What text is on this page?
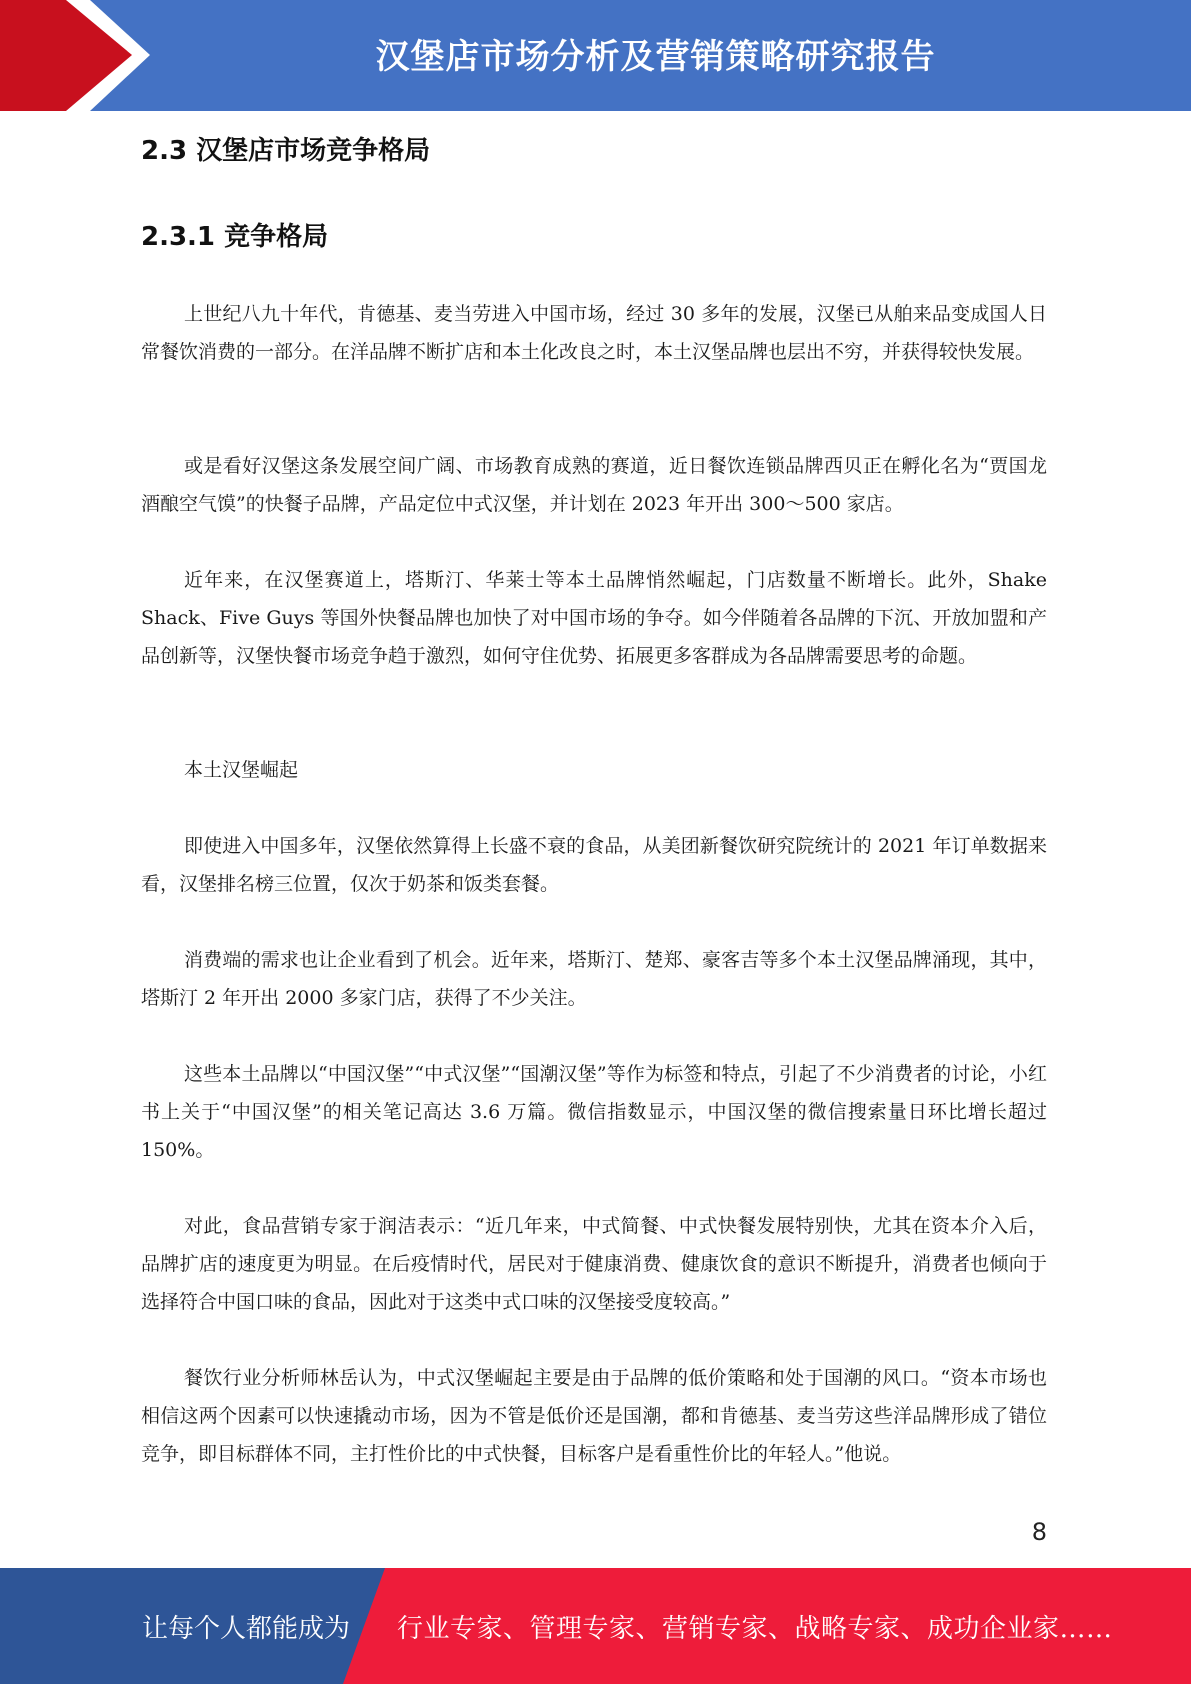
汉堡店市场分析及营销策略研究报告
2.3 汉堡店市场竞争格局
2.3.1 竞争格局

上世纪八九十年代，肯德基、麦当劳进入中国市场，经过 30 多年的发展，汉堡已从舶来品变成国人日常餐饮消费的一部分。在洋品牌不断扩店和本土化改良之时，本土汉堡品牌也层出不穷，并获得较快发展。

或是看好汉堡这条发展空间广阔、市场教育成熟的赛道，近日餐饮连锁品牌西贝正在孵化名为“贾国龙酒酿空气馍”的快餐子品牌，产品定位中式汉堡，并计划在 2023 年开出 300～500 家店。

近年来，在汉堡赛道上，塔斯汀、华莱士等本土品牌悄然崛起，门店数量不断增长。此外，Shake Shack、Five Guys 等国外快餐品牌也加快了对中国市场的争夺。如今伴随着各品牌的下沉、开放加盟和产品创新等，汉堡快餐市场竞争趋于激烈，如何守住优势、拓展更多客群成为各品牌需要思考的命题。

本土汉堡崛起

即使进入中国多年，汉堡依然算得上长盛不衰的食品，从美团新餐饮研究院统计的 2021 年订单数据来看，汉堡排名榜三位置，仅次于奶茶和饭类套餐。

消费端的需求也让企业看到了机会。近年来，塔斯汀、楚郑、豪客吉等多个本土汉堡品牌涌现，其中，塔斯汀 2 年开出 2000 多家门店，获得了不少关注。

这些本土品牌以“中国汉堡”“中式汉堡”“国潮汉堡”等作为标签和特点，引起了不少消费者的讨论，小红书上关于“中国汉堡”的相关笔记高达 3.6 万篇。微信指数显示，中国汉堡的微信搜索量日环比增长超过 150%。

对此，食品营销专家于润洁表示：“近几年来，中式简餐、中式快餐发展特别快，尤其在资本介入后，品牌扩店的速度更为明显。在后疫情时代，居民对于健康消费、健康饮食的意识不断提升，消费者也倾向于选择符合中国口味的食品，因此对于这类中式口味的汉堡接受度较高。”

餐饮行业分析师林岳认为，中式汉堡崛起主要是由于品牌的低价策略和处于国潮的风口。“资本市场也相信这两个因素可以快速撬动市场，因为不管是低价还是国潮，都和肯德基、麦当劳这些洋品牌形成了错位竞争，即目标群体不同，主打性价比的中式快餐，目标客户是看重性价比的年轻人。”他说。

8
让每个人都能成为 行业专家、管理专家、营销专家、战略专家、成功企业家……
